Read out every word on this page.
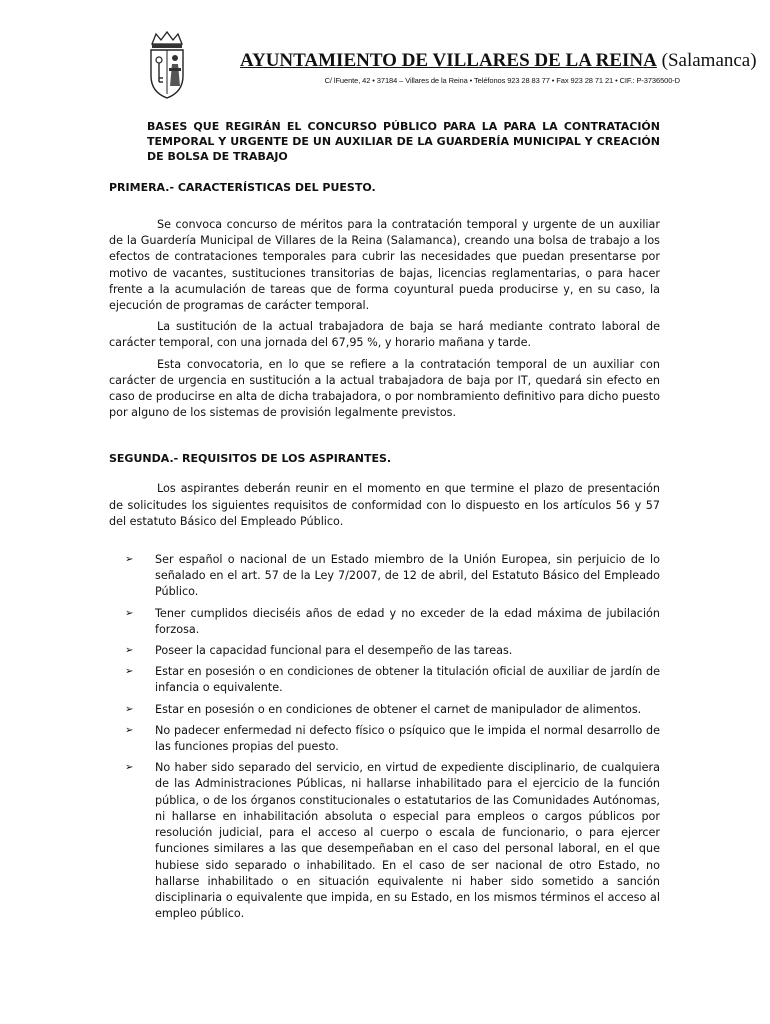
AYUNTAMIENTO DE VILLARES DE LA REINA (Salamanca)
C/ lFuente, 42 • 37184 – Villares de la Reina • Teléfonos 923 28 83 77 • Fax 923 28 71 21 • CIF.: P-3736500-D

BASES QUE REGIRÁN EL CONCURSO PÚBLICO PARA LA PARA LA CONTRATACIÓN TEMPORAL Y URGENTE DE UN AUXILIAR DE LA GUARDERÍA MUNICIPAL Y CREACIÓN DE BOLSA DE TRABAJO

PRIMERA.- CARACTERÍSTICAS DEL PUESTO.

Se convoca concurso de méritos para la contratación temporal y urgente de un auxiliar de la Guardería Municipal de Villares de la Reina (Salamanca), creando una bolsa de trabajo a los efectos de contrataciones temporales para cubrir las necesidades que puedan presentarse por motivo de vacantes, sustituciones transitorias de bajas, licencias reglamentarias, o para hacer frente a la acumulación de tareas que de forma coyuntural pueda producirse y, en su caso, la ejecución de programas de carácter temporal.

La sustitución de la actual trabajadora de baja se hará mediante contrato laboral de carácter temporal, con una jornada del 67,95 %, y horario mañana y tarde.

Esta convocatoria, en lo que se refiere a la contratación temporal de un auxiliar con carácter de urgencia en sustitución a la actual trabajadora de baja por IT, quedará sin efecto en caso de producirse en alta de dicha trabajadora, o por nombramiento definitivo para dicho puesto por alguno de los sistemas de provisión legalmente previstos.

SEGUNDA.- REQUISITOS DE LOS ASPIRANTES.

Los aspirantes deberán reunir en el momento en que termine el plazo de presentación de solicitudes los siguientes requisitos de conformidad con lo dispuesto en los artículos 56 y 57 del estatuto Básico del Empleado Público.

➢ Ser español o nacional de un Estado miembro de la Unión Europea, sin perjuicio de lo señalado en el art. 57 de la Ley 7/2007, de 12 de abril, del Estatuto Básico del Empleado Público.
➢ Tener cumplidos dieciséis años de edad y no exceder de la edad máxima de jubilación forzosa.
➢ Poseer la capacidad funcional para el desempeño de las tareas.
➢ Estar en posesión o en condiciones de obtener la titulación oficial de auxiliar de jardín de infancia o equivalente.
➢ Estar en posesión o en condiciones de obtener el carnet de manipulador de alimentos.
➢ No padecer enfermedad ni defecto físico o psíquico que le impida el normal desarrollo de las funciones propias del puesto.
➢ No haber sido separado del servicio, en virtud de expediente disciplinario, de cualquiera de las Administraciones Públicas, ni hallarse inhabilitado para el ejercicio de la función pública, o de los órganos constitucionales o estatutarios de las Comunidades Autónomas, ni hallarse en inhabilitación absoluta o especial para empleos o cargos públicos por resolución judicial, para el acceso al cuerpo o escala de funcionario, o para ejercer funciones similares a las que desempeñaban en el caso del personal laboral, en el que hubiese sido separado o inhabilitado. En el caso de ser nacional de otro Estado, no hallarse inhabilitado o en situación equivalente ni haber sido sometido a sanción disciplinaria o equivalente que impida, en su Estado, en los mismos términos el acceso al empleo público.
